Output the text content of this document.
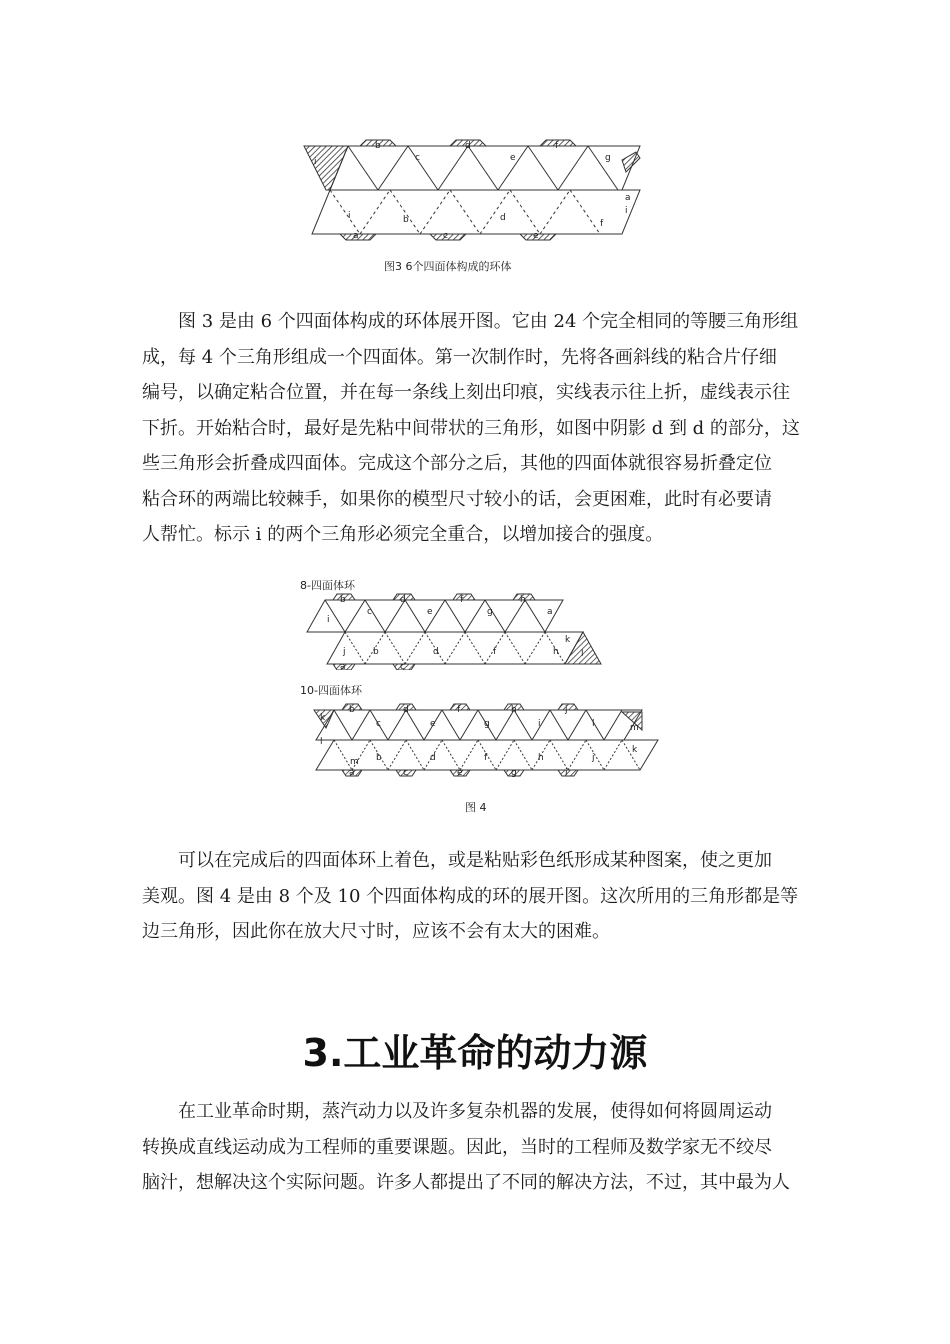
i
b	d	f
c	e	g
i	b	d
f
a	c	e
a
i
图3 6个四面体构成的环体
图 3 是由 6 个四面体构成的环体展开图。它由 24 个完全相同的等腰三角形组
成，每 4 个三角形组成一个四面体。第一次制作时，先将各画斜线的粘合片仔细
编号，以确定粘合位置，并在每一条线上刻出印痕，实线表示往上折，虚线表示往
下折。开始粘合时，最好是先粘中间带状的三角形，如图中阴影 d 到 d 的部分，这
些三角形会折叠成四面体。完成这个部分之后，其他的四面体就很容易折叠定位
粘合环的两端比较棘手，如果你的模型尺寸较小的话，会更困难，此时有必要请
人帮忙。标示 i 的两个三角形必须完全重合，以增加接合的强度。
8-四面体环
b	d	f	h
i
c	e	g	a
j	b	d	f	h
k
a	c
l
10-四面体环
k
b	d	f	h	j
c	e	g	i	l
l
m b	d	f	h	j
k
a	c	e	g	i
m
图 4
可以在完成后的四面体环上着色，或是粘贴彩色纸形成某种图案，使之更加
美观。图 4 是由 8 个及 10 个四面体构成的环的展开图。这次所用的三角形都是等
边三角形，因此你在放大尺寸时，应该不会有太大的困难。
3.工业革命的动力源
在工业革命时期，蒸汽动力以及许多复杂机器的发展，使得如何将圆周运动
转换成直线运动成为工程师的重要课题。因此，当时的工程师及数学家无不绞尽
脑汁，想解决这个实际问题。许多人都提出了不同的解决方法，不过，其中最为人
